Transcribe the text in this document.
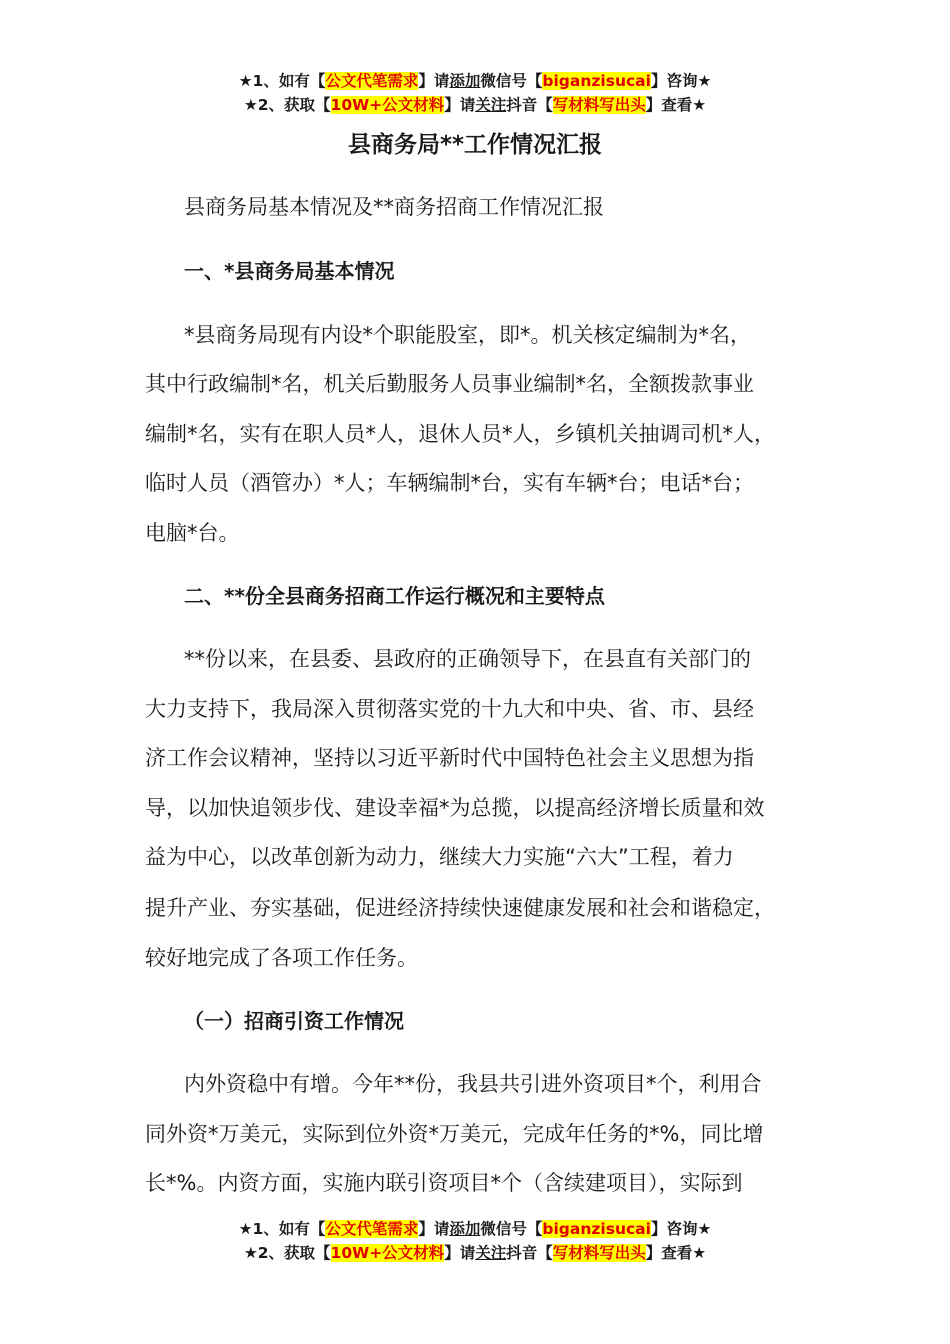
★1、如有【公文代笔需求】请添加微信号【biganzisucai】咨询★
★2、获取【10W+公文材料】请关注抖音【写材料写出头】查看★
县商务局**工作情况汇报
县商务局基本情况及**商务招商工作情况汇报
一、*县商务局基本情况
*县商务局现有内设*个职能股室，即*。机关核定编制为*名，
其中行政编制*名，机关后勤服务人员事业编制*名，全额拨款事业
编制*名，实有在职人员*人，退休人员*人，乡镇机关抽调司机*人，
临时人员（酒管办）*人；车辆编制*台，实有车辆*台；电话*台；
电脑*台。
二、**份全县商务招商工作运行概况和主要特点
**份以来，在县委、县政府的正确领导下，在县直有关部门的
大力支持下，我局深入贯彻落实党的十九大和中央、省、市、县经
济工作会议精神，坚持以习近平新时代中国特色社会主义思想为指
导，以加快追领步伐、建设幸福*为总揽，以提高经济增长质量和效
益为中心，以改革创新为动力，继续大力实施“六大”工程，着力
提升产业、夯实基础，促进经济持续快速健康发展和社会和谐稳定，
较好地完成了各项工作任务。
（一）招商引资工作情况
内外资稳中有增。今年**份，我县共引进外资项目*个，利用合
同外资*万美元，实际到位外资*万美元，完成年任务的*%，同比增
长*%。内资方面，实施内联引资项目*个（含续建项目），实际到
★1、如有【公文代笔需求】请添加微信号【biganzisucai】咨询★
★2、获取【10W+公文材料】请关注抖音【写材料写出头】查看★
